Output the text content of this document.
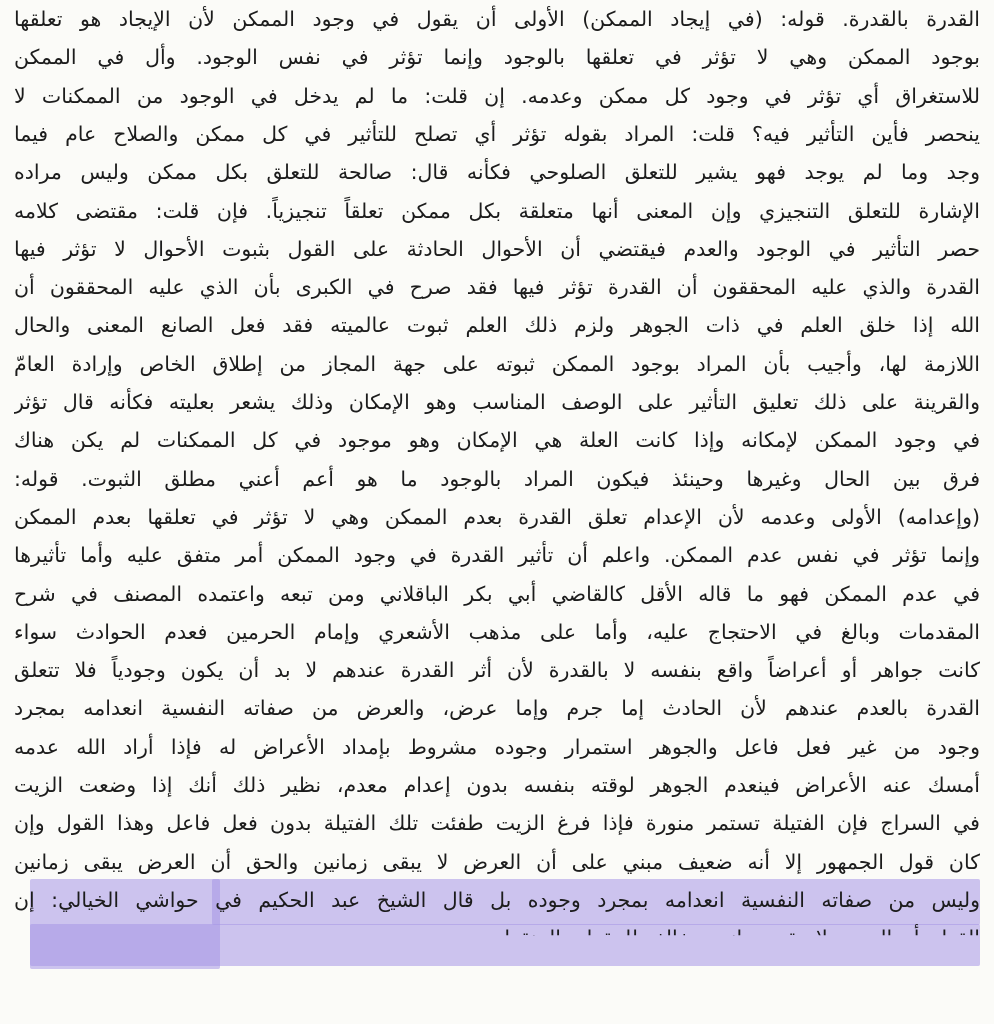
القدرة بالقدرة. قوله: (في إيجاد الممكن) الأولى أن يقول في وجود الممكن لأن الإيجاد هو تعلقها
بوجود الممكن وهي لا تؤثر في تعلقها بالوجود وإنما تؤثر في نفس الوجود. وأل في الممكن
للاستغراق أي تؤثر في وجود كل ممكن وعدمه. إن قلت: ما لم يدخل في الوجود من الممكنات لا
ينحصر فأين التأثير فيه؟ قلت: المراد بقوله تؤثر أي تصلح للتأثير في كل ممكن والصلاح عام فيما
وجد وما لم يوجد فهو يشير للتعلق الصلوحي فكأنه قال: صالحة للتعلق بكل ممكن وليس مراده
الإشارة للتعلق التنجيزي وإن المعنى أنها متعلقة بكل ممكن تعلقاً تنجيزياً. فإن قلت: مقتضى كلامه
حصر التأثير في الوجود والعدم فيقتضي أن الأحوال الحادثة على القول بثبوت الأحوال لا تؤثر فيها
القدرة والذي عليه المحققون أن القدرة تؤثر فيها فقد صرح في الكبرى بأن الذي عليه المحققون أن
الله إذا خلق العلم في ذات الجوهر ولزم ذلك العلم ثبوت عالميته فقد فعل الصانع المعنى والحال
اللازمة لها، وأجيب بأن المراد بوجود الممكن ثبوته على جهة المجاز من إطلاق الخاص وإرادة العامّ
والقرينة على ذلك تعليق التأثير على الوصف المناسب وهو الإمكان وذلك يشعر بعليته فكأنه قال تؤثر
في وجود الممكن لإمكانه وإذا كانت العلة هي الإمكان وهو موجود في كل الممكنات لم يكن هناك
فرق بين الحال وغيرها وحينئذ فيكون المراد بالوجود ما هو أعم أعني مطلق الثبوت. قوله:
(وإعدامه) الأولى وعدمه لأن الإعدام تعلق القدرة بعدم الممكن وهي لا تؤثر في تعلقها بعدم الممكن
وإنما تؤثر في نفس عدم الممكن. واعلم أن تأثير القدرة في وجود الممكن أمر متفق عليه وأما تأثيرها
في عدم الممكن فهو ما قاله الأقل كالقاضي أبي بكر الباقلاني ومن تبعه واعتمده المصنف في شرح
المقدمات وبالغ في الاحتجاج عليه، وأما على مذهب الأشعري وإمام الحرمين فعدم الحوادث سواء
كانت جواهر أو أعراضاً واقع بنفسه لا بالقدرة لأن أثر القدرة عندهم لا بد أن يكون وجودياً فلا تتعلق
القدرة بالعدم عندهم لأن الحادث إما جرم وإما عرض، والعرض من صفاته النفسية انعدامه بمجرد
وجود من غير فعل فاعل والجوهر استمرار وجوده مشروط بإمداد الأعراض له فإذا أراد الله عدمه
أمسك عنه الأعراض فينعدم الجوهر لوقته بنفسه بدون إعدام معدم، نظير ذلك أنك إذا وضعت الزيت
في السراج فإن الفتيلة تستمر منورة فإذا فرغ الزيت طفئت تلك الفتيلة بدون فعل فاعل وهذا القول وإن
كان قول الجمهور إلا أنه ضعيف مبني على أن العرض لا يبقى زمانين والحق أن العرض يبقى زمانين
وليس من صفاته النفسية انعدامه بمجرد وجوده بل قال الشيخ عبد الحكيم في حواشي الخيالي: إن
